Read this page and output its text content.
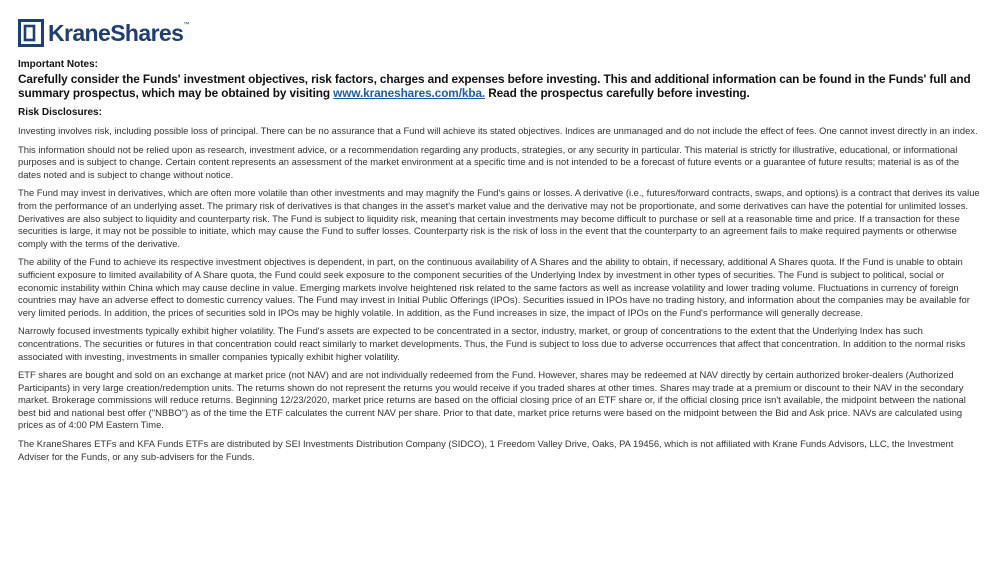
KraneShares ™

Important Notes:

Carefully consider the Funds' investment objectives, risk factors, charges and expenses before investing. This and additional information can be found in the Funds' full and summary prospectus, which may be obtained by visiting www.kraneshares.com/kba. Read the prospectus carefully before investing.

Risk Disclosures:

Investing involves risk, including possible loss of principal. There can be no assurance that a Fund will achieve its stated objectives. Indices are unmanaged and do not include the effect of fees. One cannot invest directly in an index.

This information should not be relied upon as research, investment advice, or a recommendation regarding any products, strategies, or any security in particular. This material is strictly for illustrative, educational, or informational purposes and is subject to change. Certain content represents an assessment of the market environment at a specific time and is not intended to be a forecast of future events or a guarantee of future results; material is as of the dates noted and is subject to change without notice.

The Fund may invest in derivatives, which are often more volatile than other investments and may magnify the Fund's gains or losses. A derivative (i.e., futures/forward contracts, swaps, and options) is a contract that derives its value from the performance of an underlying asset. The primary risk of derivatives is that changes in the asset's market value and the derivative may not be proportionate, and some derivatives can have the potential for unlimited losses. Derivatives are also subject to liquidity and counterparty risk. The Fund is subject to liquidity risk, meaning that certain investments may become difficult to purchase or sell at a reasonable time and price. If a transaction for these securities is large, it may not be possible to initiate, which may cause the Fund to suffer losses. Counterparty risk is the risk of loss in the event that the counterparty to an agreement fails to make required payments or otherwise comply with the terms of the derivative.

The ability of the Fund to achieve its respective investment objectives is dependent, in part, on the continuous availability of A Shares and the ability to obtain, if necessary, additional A Shares quota. If the Fund is unable to obtain sufficient exposure to limited availability of A Share quota, the Fund could seek exposure to the component securities of the Underlying Index by investment in other types of securities. The Fund is subject to political, social or economic instability within China which may cause decline in value. Emerging markets involve heightened risk related to the same factors as well as increase volatility and lower trading volume. Fluctuations in currency of foreign countries may have an adverse effect to domestic currency values. The Fund may invest in Initial Public Offerings (IPOs). Securities issued in IPOs have no trading history, and information about the companies may be available for very limited periods. In addition, the prices of securities sold in IPOs may be highly volatile. In addition, as the Fund increases in size, the impact of IPOs on the Fund's performance will generally decrease.

Narrowly focused investments typically exhibit higher volatility. The Fund's assets are expected to be concentrated in a sector, industry, market, or group of concentrations to the extent that the Underlying Index has such concentrations. The securities or futures in that concentration could react similarly to market developments. Thus, the Fund is subject to loss due to adverse occurrences that affect that concentration. In addition to the normal risks associated with investing, investments in smaller companies typically exhibit higher volatility.

ETF shares are bought and sold on an exchange at market price (not NAV) and are not individually redeemed from the Fund. However, shares may be redeemed at NAV directly by certain authorized broker-dealers (Authorized Participants) in very large creation/redemption units. The returns shown do not represent the returns you would receive if you traded shares at other times. Shares may trade at a premium or discount to their NAV in the secondary market. Brokerage commissions will reduce returns. Beginning 12/23/2020, market price returns are based on the official closing price of an ETF share or, if the official closing price isn't available, the midpoint between the national best bid and national best offer ("NBBO") as of the time the ETF calculates the current NAV per share. Prior to that date, market price returns were based on the midpoint between the Bid and Ask price. NAVs are calculated using prices as of 4:00 PM Eastern Time.

The KraneShares ETFs and KFA Funds ETFs are distributed by SEI Investments Distribution Company (SIDCO), 1 Freedom Valley Drive, Oaks, PA 19456, which is not affiliated with Krane Funds Advisors, LLC, the Investment Adviser for the Funds, or any sub-advisers for the Funds.
